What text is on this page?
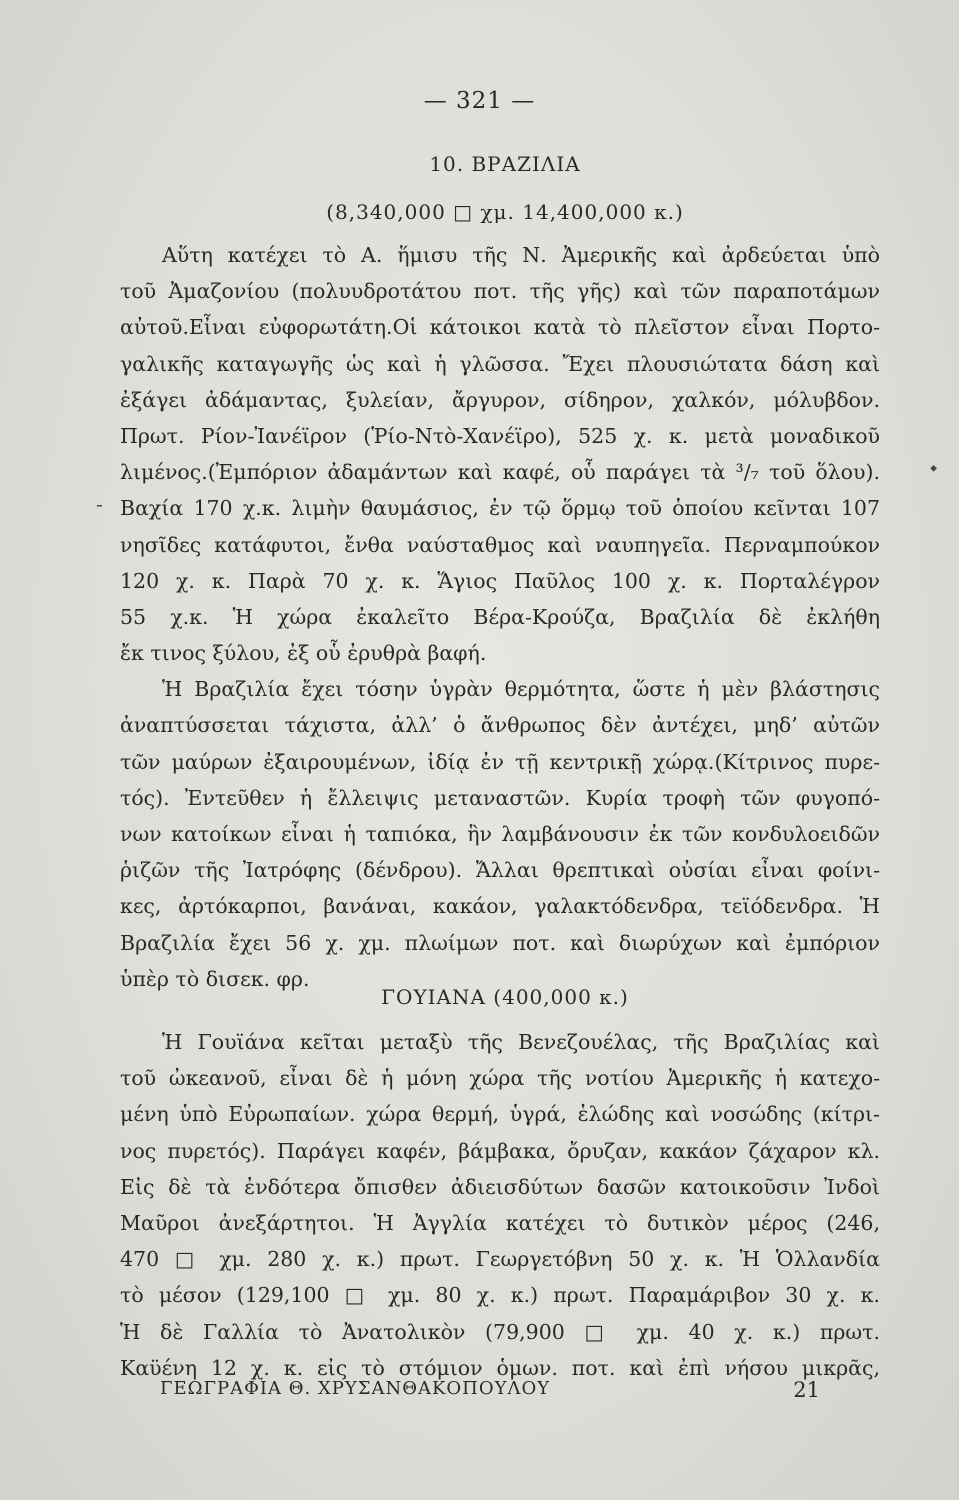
— 321 —
10. ΒΡΑΖΙΛΙΑ
(8,340,000 □ χμ. 14,400,000 κ.)
Αὕτη κατέχει τὸ Α. ἥμισυ τῆς Ν. Ἀμερικῆς καὶ ἀρδεύεται ὑπὸ
τοῦ Ἀμαζονίου (πολυυδροτάτου ποτ. τῆς γῆς) καὶ τῶν παραποτάμων
αὐτοῦ.Εἶναι εὐφορωτάτη.Οἱ κάτοικοι κατὰ τὸ πλεῖστον εἶναι Πορτο-
γαλικῆς καταγωγῆς ὡς καὶ ἡ γλῶσσα. Ἔχει πλουσιώτατα δάση καὶ
ἐξάγει ἀδάμαντας, ξυλείαν, ἄργυρον, σίδηρον, χαλκόν, μόλυβδον.
Πρωτ. Ρίον-Ἰανέϊρον (Ῥίο-Ντὸ-Χανέϊρο), 525 χ. κ. μετὰ μοναδικοῦ
λιμένος.(Ἐμπόριον ἀδαμάντων καὶ καφέ, οὗ παράγει τὰ ³/₇ τοῦ ὅλου).
Βαχία 170 χ.κ. λιμὴν θαυμάσιος, ἐν τῷ ὅρμῳ τοῦ ὁποίου κεῖνται 107
νησῖδες κατάφυτοι, ἔνθα ναύσταθμος καὶ ναυπηγεῖα. Περναμπούκον
120 χ. κ. Παρὰ 70 χ. κ. Ἅγιος Παῦλος 100 χ. κ. Πορταλέγρον
55 χ.κ. Ἡ χώρα ἐκαλεῖτο Βέρα-Κρούζα, Βραζιλία δὲ ἐκλήθη
ἔκ τινος ξύλου, ἐξ οὗ ἐρυθρὰ βαφή.
Ἡ Βραζιλία ἔχει τόσην ὑγρὰν θερμότητα, ὥστε ἡ μὲν βλάστησις
ἀναπτύσσεται τάχιστα, ἀλλ’ ὁ ἄνθρωπος δὲν ἀντέχει, μηδ’ αὐτῶν
τῶν μαύρων ἐξαιρουμένων, ἰδίᾳ ἐν τῇ κεντρικῇ χώρᾳ.(Κίτρινος πυρε-
τός). Ἐντεῦθεν ἡ ἔλλειψις μεταναστῶν. Κυρία τροφὴ τῶν φυγοπό-
νων κατοίκων εἶναι ἡ ταπιόκα, ἣν λαμβάνουσιν ἐκ τῶν κονδυλοειδῶν
ῥιζῶν τῆς Ἰατρόφης (δένδρου). Ἄλλαι θρεπτικαὶ οὐσίαι εἶναι φοίνι-
κες, ἀρτόκαρποι, βανάναι, κακάον, γαλακτόδενδρα, τεϊόδενδρα. Ἡ
Βραζιλία ἔχει 56 χ. χμ. πλωίμων ποτ. καὶ διωρύχων καὶ ἐμπόριον
ὑπὲρ τὸ δισεκ. φρ.
ΓΟΥΙΑΝΑ (400,000 κ.)
Ἡ Γουϊάνα κεῖται μεταξὺ τῆς Βενεζουέλας, τῆς Βραζιλίας καὶ
τοῦ ὠκεανοῦ, εἶναι δὲ ἡ μόνη χώρα τῆς νοτίου Ἀμερικῆς ἡ κατεχο-
μένη ὑπὸ Εὐρωπαίων. χώρα θερμή, ὑγρά, ἑλώδης καὶ νοσώδης (κίτρι-
νος πυρετός). Παράγει καφέν, βάμβακα, ὄρυζαν, κακάον ζάχαρον κλ.
Εἰς δὲ τὰ ἐνδότερα ὄπισθεν ἀδιεισδύτων δασῶν κατοικοῦσιν Ἰνδοὶ
Μαῦροι ἀνεξάρτητοι. Ἡ Ἀγγλία κατέχει τὸ δυτικὸν μέρος (246,
470 □ χμ. 280 χ. κ.) πρωτ. Γεωργετόβνη 50 χ. κ. Ἡ Ὁλλανδία
τὸ μέσον (129,100 □ χμ. 80 χ. κ.) πρωτ. Παραμάριβον 30 χ. κ.
Ἡ δὲ Γαλλία τὸ Ἀνατολικὸν (79,900 □ χμ. 40 χ. κ.) πρωτ.
Καϋένη 12 χ. κ. εἰς τὸ στόμιον ὁμων. ποτ. καὶ ἐπὶ νήσου μικρᾶς,
ΓΕΩΓΡΑΦΙΑ Θ. ΧΡΥΣΑΝΘΑΚΟΠΟΥΛΟΥ	21
⬩
-
